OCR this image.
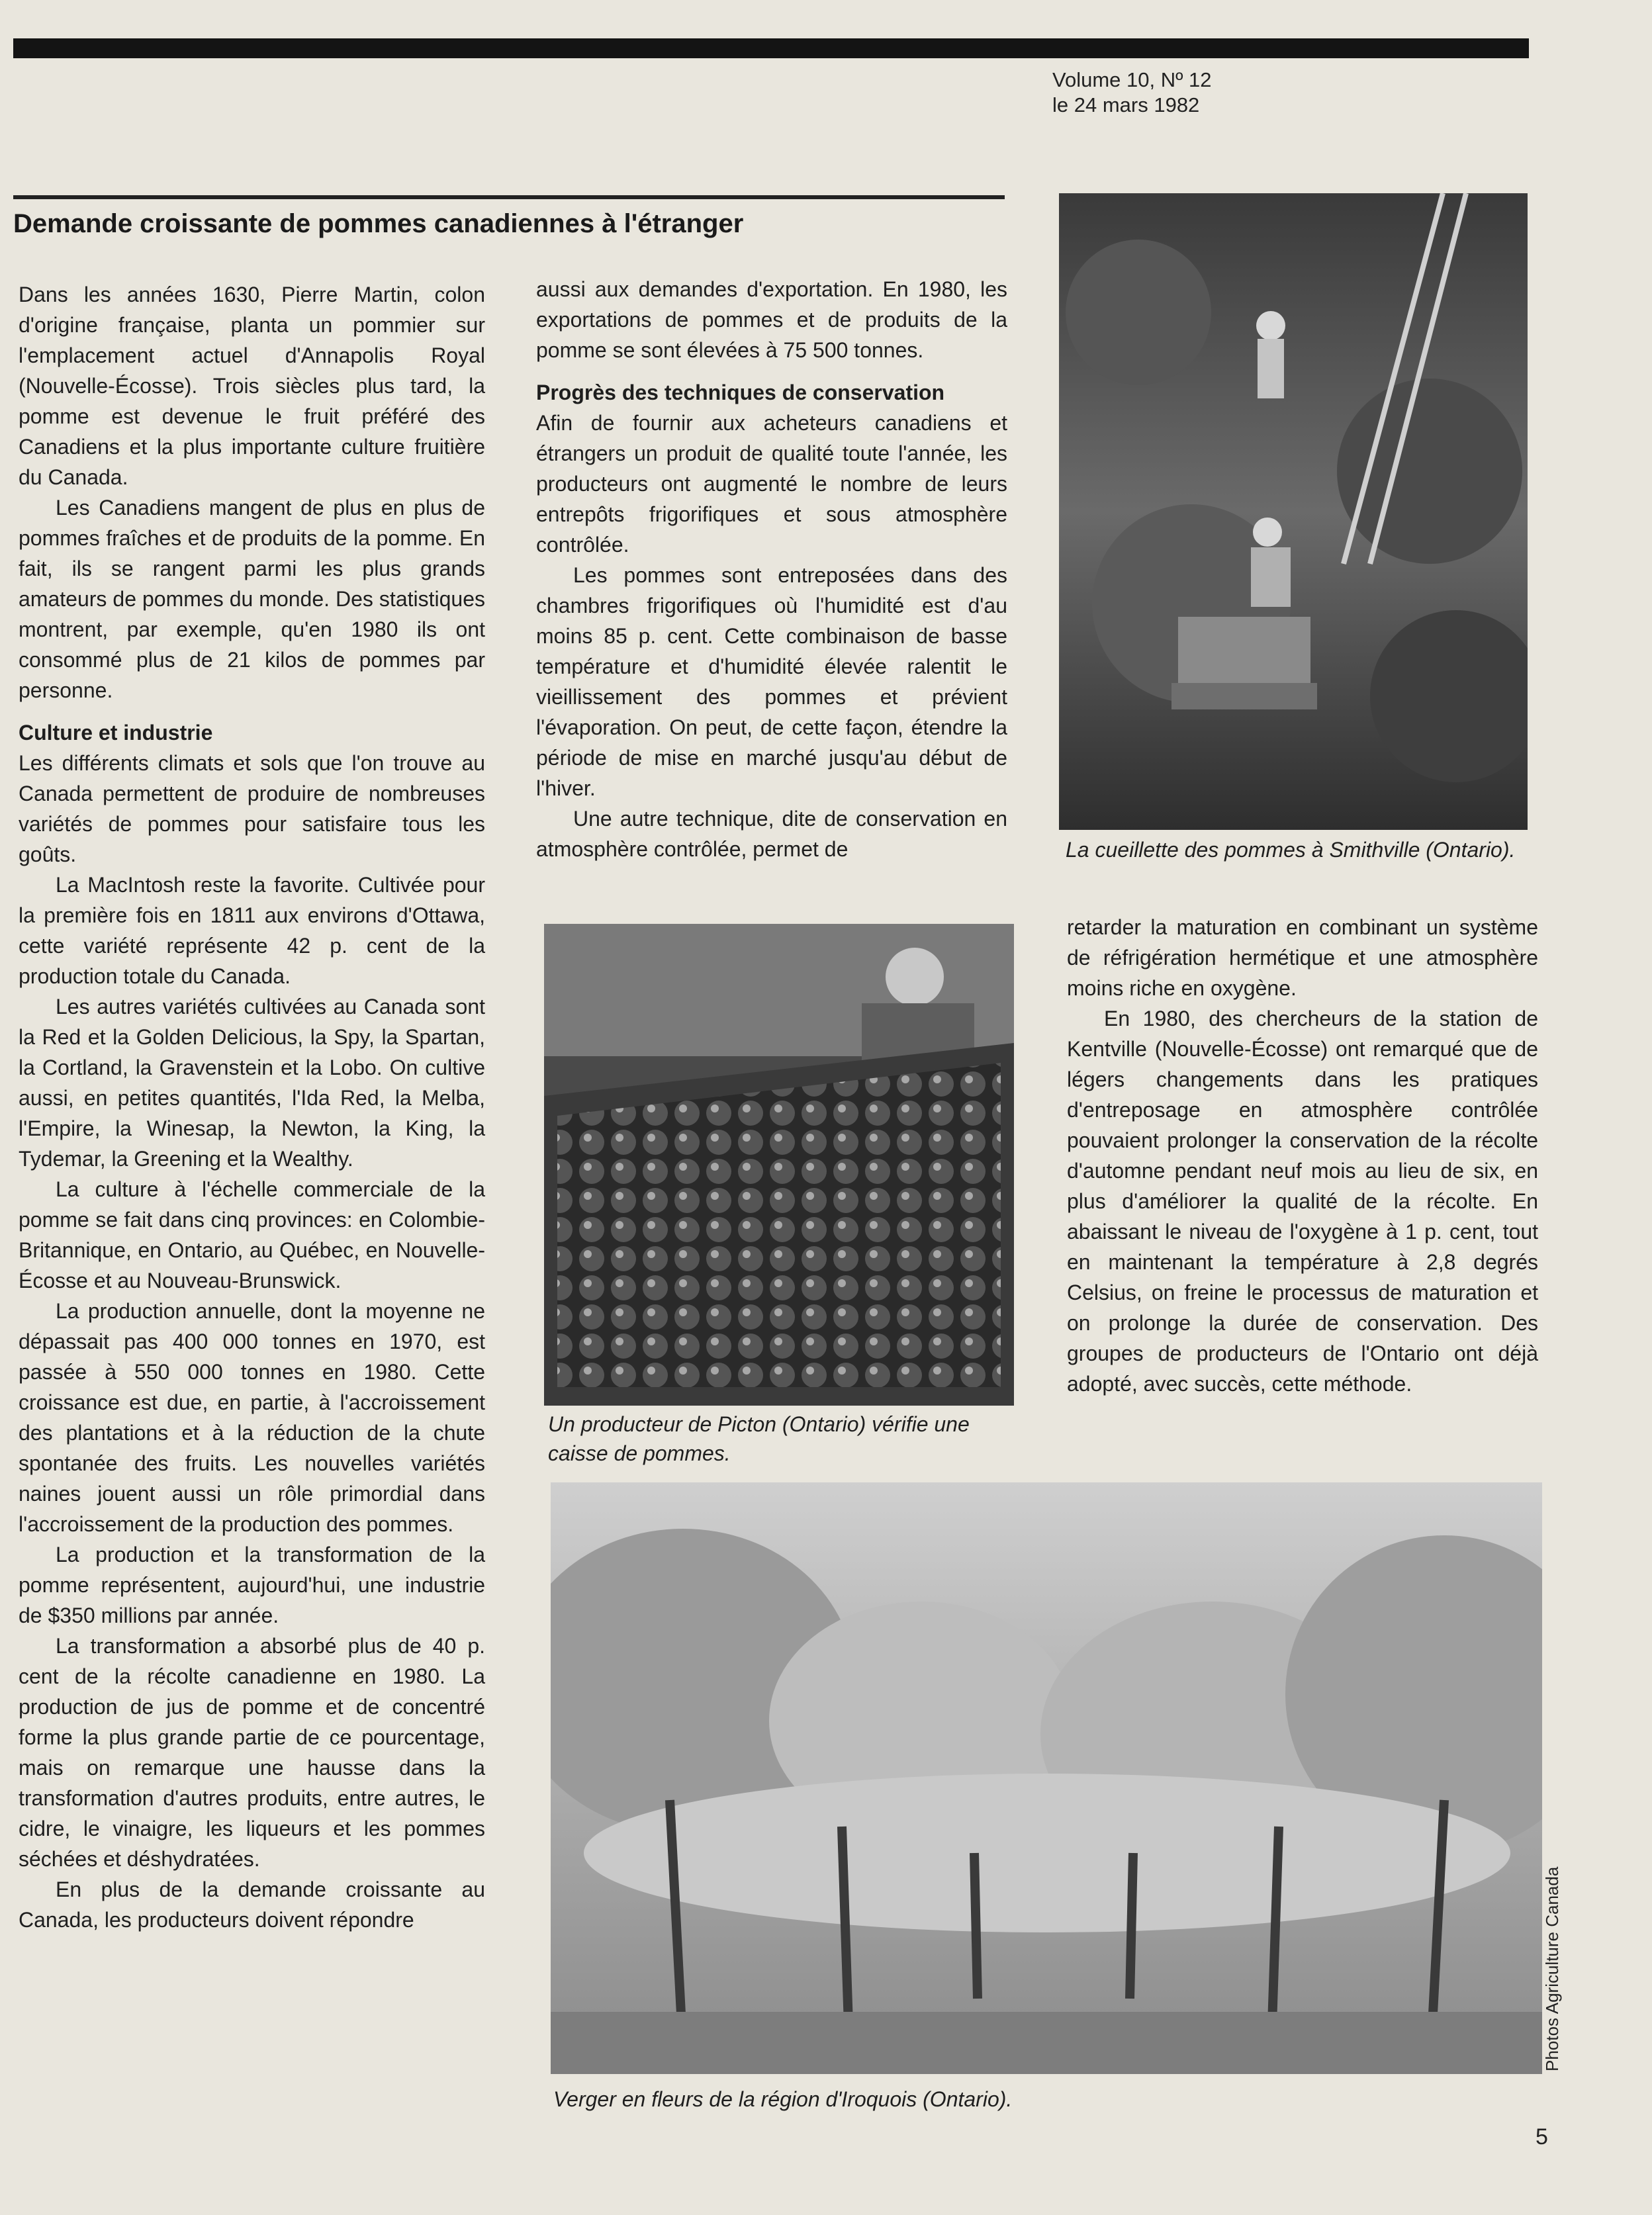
Volume 10, Nº 12
le 24 mars 1982
Demande croissante de pommes canadiennes à l'étranger

Dans les années 1630, Pierre Martin, colon d'origine française, planta un pommier sur l'emplacement actuel d'Annapolis Royal (Nouvelle-Écosse). Trois siècles plus tard, la pomme est devenue le fruit préféré des Canadiens et la plus importante culture fruitière du Canada.

Les Canadiens mangent de plus en plus de pommes fraîches et de produits de la pomme. En fait, ils se rangent parmi les plus grands amateurs de pommes du monde. Des statistiques montrent, par exemple, qu'en 1980 ils ont consommé plus de 21 kilos de pommes par personne.

Culture et industrie

Les différents climats et sols que l'on trouve au Canada permettent de produire de nombreuses variétés de pommes pour satisfaire tous les goûts.

La MacIntosh reste la favorite. Cultivée pour la première fois en 1811 aux environs d'Ottawa, cette variété représente 42 p. cent de la production totale du Canada.

Les autres variétés cultivées au Canada sont la Red et la Golden Delicious, la Spy, la Spartan, la Cortland, la Gravenstein et la Lobo. On cultive aussi, en petites quantités, l'Ida Red, la Melba, l'Empire, la Winesap, la Newton, la King, la Tydemar, la Greening et la Wealthy.

La culture à l'échelle commerciale de la pomme se fait dans cinq provinces: en Colombie-Britannique, en Ontario, au Québec, en Nouvelle-Écosse et au Nouveau-Brunswick.

La production annuelle, dont la moyenne ne dépassait pas 400 000 tonnes en 1970, est passée à 550 000 tonnes en 1980. Cette croissance est due, en partie, à l'accroissement des plantations et à la réduction de la chute spontanée des fruits. Les nouvelles variétés naines jouent aussi un rôle primordial dans l'accroissement de la production des pommes.

La production et la transformation de la pomme représentent, aujourd'hui, une industrie de $350 millions par année.

La transformation a absorbé plus de 40 p. cent de la récolte canadienne en 1980. La production de jus de pomme et de concentré forme la plus grande partie de ce pourcentage, mais on remarque une hausse dans la transformation d'autres produits, entre autres, le cidre, le vinaigre, les liqueurs et les pommes séchées et déshydratées.

En plus de la demande croissante au Canada, les producteurs doivent répondre

aussi aux demandes d'exportation. En 1980, les exportations de pommes et de produits de la pomme se sont élevées à 75 500 tonnes.

Progrès des techniques de conservation

Afin de fournir aux acheteurs canadiens et étrangers un produit de qualité toute l'année, les producteurs ont augmenté le nombre de leurs entrepôts frigorifiques et sous atmosphère contrôlée.

Les pommes sont entreposées dans des chambres frigorifiques où l'humidité est d'au moins 85 p. cent. Cette combinaison de basse température et d'humidité élevée ralentit le vieillissement des pommes et prévient l'évaporation. On peut, de cette façon, étendre la période de mise en marché jusqu'au début de l'hiver.

Une autre technique, dite de conservation en atmosphère contrôlée, permet de

retarder la maturation en combinant un système de réfrigération hermétique et une atmosphère moins riche en oxygène.

En 1980, des chercheurs de la station de Kentville (Nouvelle-Écosse) ont remarqué que de légers changements dans les pratiques d'entreposage en atmosphère contrôlée pouvaient prolonger la conservation de la récolte d'automne pendant neuf mois au lieu de six, en plus d'améliorer la qualité de la récolte. En abaissant le niveau de l'oxygène à 1 p. cent, tout en maintenant la température à 2,8 degrés Celsius, on freine le processus de maturation et on prolonge la durée de conservation. Des groupes de producteurs de l'Ontario ont déjà adopté, avec succès, cette méthode.

La cueillette des pommes à Smithville (Ontario).
Un producteur de Picton (Ontario) vérifie une caisse de pommes.
Verger en fleurs de la région d'Iroquois (Ontario).
Photos Agriculture Canada
5
